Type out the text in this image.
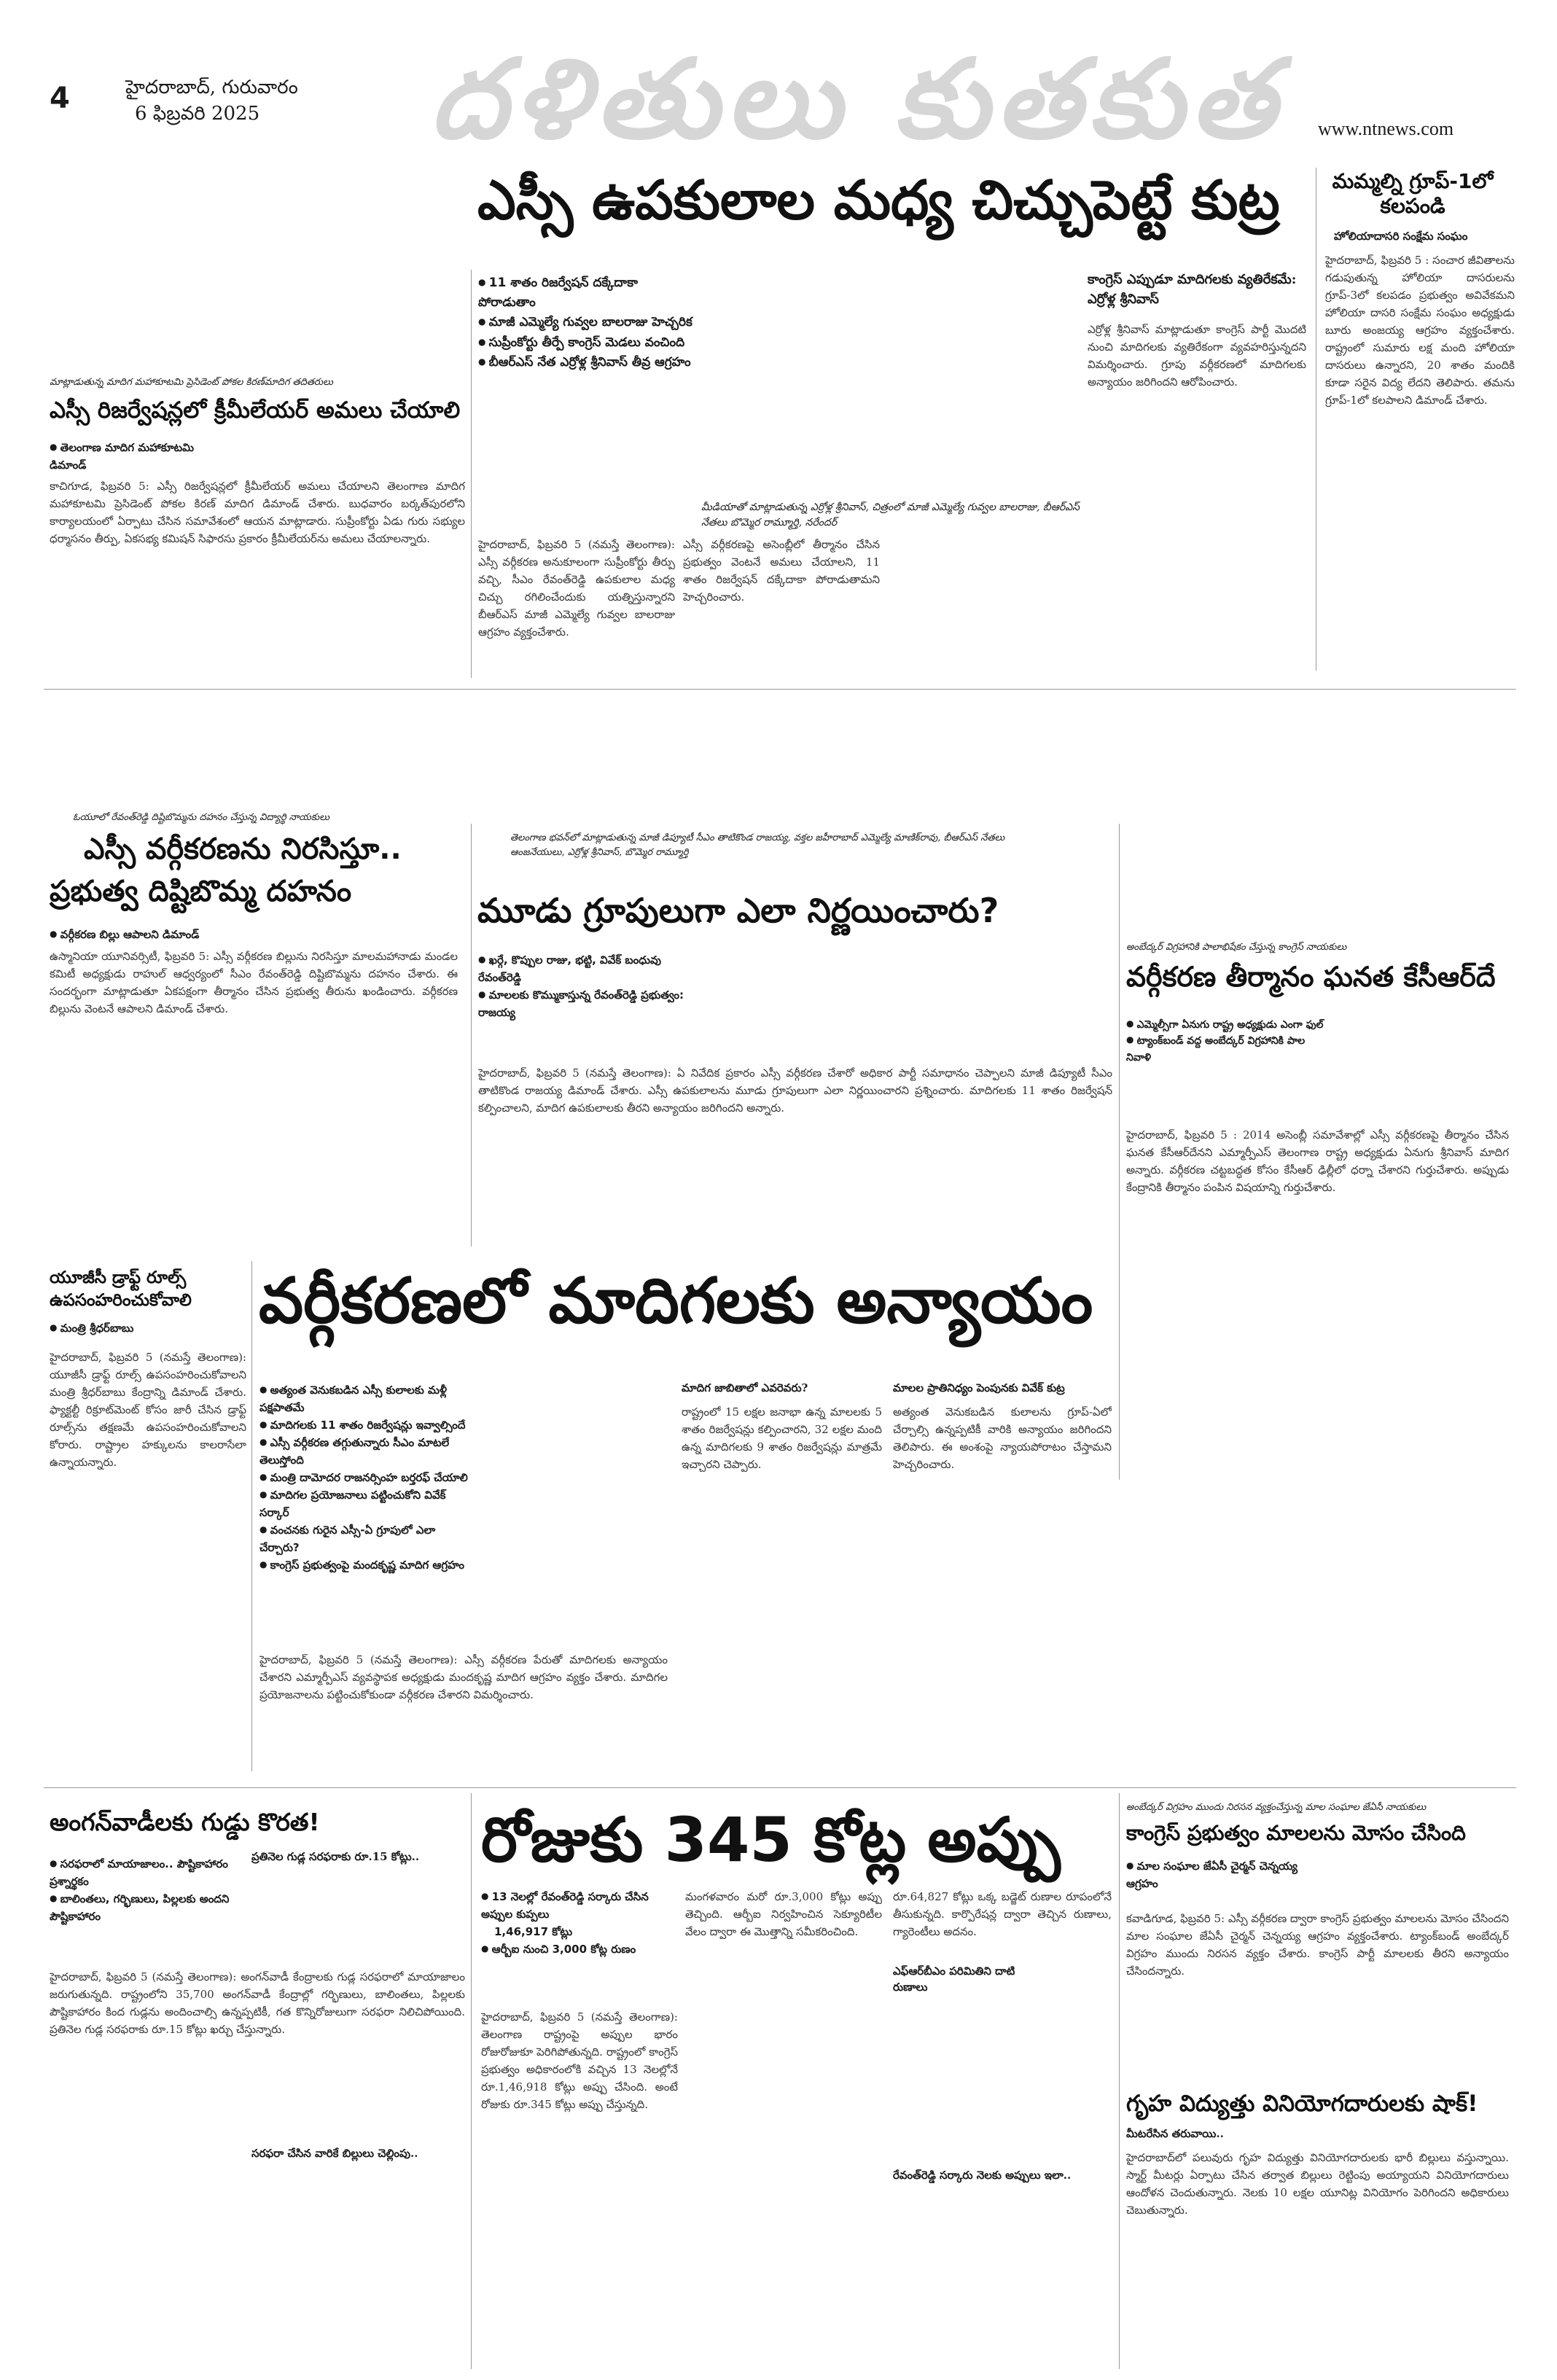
4	హైదరాబాద్, గురువారం
6 ఫిబ్రవరి 2025 దళితులు కుతకుత www.ntnews.com
మమ్మల్ని గ్రూప్-1లో కలపండి
హోలియాదాసరి సంక్షేమ సంఘం
హైదరాబాద్, ఫిబ్రవరి 5 : సంచార జీవితాలను గడుపుతున్న హోలియా దాసరులను గ్రూప్-3లో కలపడం ప్రభుత్వం అవివేకమని హోలియా దాసరి సంక్షేమ సంఘం అధ్యక్షుడు బూరు అంజయ్య ఆగ్రహం వ్యక్తంచేశారు. రాష్ట్రంలో సుమారు లక్ష మంది హోలియా దాసరులు ఉన్నారని, 20 శాతం మందికి కూడా సరైన విద్య లేదని తెలిపారు. తమను గ్రూప్-1లో కలపాలని డిమాండ్ చేశారు.
ఎస్సీ ఉపకులాల మధ్య చిచ్చుపెట్టే కుట్ర
● 11 శాతం రిజర్వేషన్ దక్కేదాకా పోరాడుతాం
● మాజీ ఎమ్మెల్యే గువ్వల బాలరాజు హెచ్చరిక
● సుప్రీంకోర్టు తీర్పే కాంగ్రెస్ మెడలు వంచింది
● బీఆర్ఎస్ నేత ఎర్రోళ్ల శ్రీనివాస్ తీవ్ర ఆగ్రహం
మీడియాతో మాట్లాడుతున్న ఎర్రోళ్ల శ్రీనివాస్, చిత్రంలో మాజీ ఎమ్మెల్యే గువ్వల బాలరాజు, బీఆర్ఎస్ నేతలు బొమ్మెర రామ్మూర్తి, నరేందర్
కాంగ్రెస్ ఎప్పుడూ మాదిగలకు వ్యతిరేకమే: ఎర్రోళ్ల శ్రీనివాస్
హైదరాబాద్, ఫిబ్రవరి 5 (నమస్తే తెలంగాణ): ఎస్సీ వర్గీకరణ అనుకూలంగా సుప్రీంకోర్టు తీర్పు వచ్చి, సీఎం రేవంత్‌రెడ్డి ఉపకులాల మధ్య చిచ్చు రగిలించేందుకు యత్నిస్తున్నారని బీఆర్ఎస్ మాజీ ఎమ్మెల్యే గువ్వల బాలరాజు ఆగ్రహం వ్యక్తంచేశారు.
ఎస్సీ వర్గీకరణపై అసెంబ్లీలో తీర్మానం చేసిన ప్రభుత్వం వెంటనే అమలు చేయాలని, 11 శాతం రిజర్వేషన్ దక్కేదాకా పోరాడుతామని హెచ్చరించారు.
ఎర్రోళ్ల శ్రీనివాస్ మాట్లాడుతూ కాంగ్రెస్ పార్టీ మొదటి నుంచి మాదిగలకు వ్యతిరేకంగా వ్యవహరిస్తున్నదని విమర్శించారు. గ్రూపు వర్గీకరణలో మాదిగలకు అన్యాయం జరిగిందని ఆరోపించారు.
మాట్లాడుతున్న మాదిగ మహాకూటమి ప్రెసిడెంట్ పోకల కిరణ్‌మాదిగ తదితరులు
ఎస్సీ రిజర్వేషన్లలో క్రీమీలేయర్ అమలు చేయాలి
● తెలంగాణ మాదిగ మహాకూటమి డిమాండ్
కాచిగూడ, ఫిబ్రవరి 5: ఎస్సీ రిజర్వేషన్లలో క్రీమీలేయర్ అమలు చేయాలని తెలంగాణ మాదిగ మహాకూటమి ప్రెసిడెంట్ పోకల కిరణ్ మాదిగ డిమాండ్ చేశారు. బుధవారం బర్కత్‌పురలోని కార్యాలయంలో ఏర్పాటు చేసిన సమావేశంలో ఆయన మాట్లాడారు. సుప్రీంకోర్టు ఏడు గురు సభ్యుల ధర్మాసనం తీర్పు, ఏకసభ్య కమిషన్ సిఫారసు ప్రకారం క్రీమీలేయర్‌ను అమలు చేయాలన్నారు.
ఓయూలో రేవంత్‌రెడ్డి దిష్టిబొమ్మను దహనం చేస్తున్న విద్యార్థి నాయకులు
ఎస్సీ వర్గీకరణను నిరసిస్తూ..
ప్రభుత్వ దిష్టిబొమ్మ దహనం
● వర్గీకరణ బిల్లు ఆపాలని డిమాండ్
ఉస్మానియా యూనివర్సిటీ, ఫిబ్రవరి 5: ఎస్సీ వర్గీకరణ బిల్లును నిరసిస్తూ మాలమహానాడు మండల కమిటీ అధ్యక్షుడు రాహుల్ ఆధ్వర్యంలో సీఎం రేవంత్‌రెడ్డి దిష్టిబొమ్మను దహనం చేశారు. ఈ సందర్భంగా మాట్లాడుతూ ఏకపక్షంగా తీర్మానం చేసిన ప్రభుత్వ తీరును ఖండించారు. వర్గీకరణ బిల్లును వెంటనే ఆపాలని డిమాండ్ చేశారు.
తెలంగాణ భవన్‌లో మాట్లాడుతున్న మాజీ డిప్యూటీ సీఎం తాటికొండ రాజయ్య, వక్తల జహీరాబాద్ ఎమ్మెల్యే మాణిక్‌రావు, బీఆర్ఎస్ నేతలు ఆంజనేయులు, ఎర్రోళ్ల శ్రీనివాస్, బొమ్మెర రామ్మూర్తి
మూడు గ్రూపులుగా ఎలా నిర్ణయించారు?
● ఖర్గే, కొప్పుల రాజు, భట్టి, వివేక్ బంధువు రేవంత్‌రెడ్డి
● మాలలకు కొమ్ముకాస్తున్న రేవంత్‌రెడ్డి ప్రభుత్వం: రాజయ్య
హైదరాబాద్, ఫిబ్రవరి 5 (నమస్తే తెలంగాణ): ఏ నివేదిక ప్రకారం ఎస్సీ వర్గీకరణ చేశారో అధికార పార్టీ సమాధానం చెప్పాలని మాజీ డిప్యూటీ సీఎం తాటికొండ రాజయ్య డిమాండ్ చేశారు. ఎస్సీ ఉపకులాలను మూడు గ్రూపులుగా ఎలా నిర్ణయించారని ప్రశ్నించారు. మాదిగలకు 11 శాతం రిజర్వేషన్ కల్పించాలని, మాదిగ ఉపకులాలకు తీరని అన్యాయం జరిగిందని అన్నారు.
అంబేద్కర్ విగ్రహానికి పాలాభిషేకం చేస్తున్న కాంగ్రెస్ నాయకులు
వర్గీకరణ తీర్మానం ఘనత కేసీఆర్‌దే
● ఎమ్మెల్సీగా ఏనుగు రాష్ట్ర అధ్యక్షుడు ఎంగా ఫుల్
● ట్యాంక్‌బండ్ వద్ద అంబేద్కర్ విగ్రహానికి పాల నివాళి
హైదరాబాద్, ఫిబ్రవరి 5 : 2014 అసెంబ్లీ సమావేశాల్లో ఎస్సీ వర్గీకరణపై తీర్మానం చేసిన ఘనత కేసీఆర్‌దేనని ఎమ్మార్పీఎస్ తెలంగాణ రాష్ట్ర అధ్యక్షుడు ఏనుగు శ్రీనివాస్ మాదిగ అన్నారు. వర్గీకరణ చట్టబద్ధత కోసం కేసీఆర్ ఢిల్లీలో ధర్నా చేశారని గుర్తుచేశారు. అప్పుడు కేంద్రానికి తీర్మానం పంపిన విషయాన్ని గుర్తుచేశారు.
యూజీసీ డ్రాఫ్ట్ రూల్స్ ఉపసంహరించుకోవాలి
● మంత్రి శ్రీధర్‌బాబు
హైదరాబాద్, ఫిబ్రవరి 5 (నమస్తే తెలంగాణ): యూజీసీ డ్రాఫ్ట్ రూల్స్ ఉపసంహరించుకోవాలని మంత్రి శ్రీధర్‌బాబు కేంద్రాన్ని డిమాండ్ చేశారు. ఫ్యాక్టల్టీ రిక్రూట్‌మెంట్ కోసం జారీ చేసిన డ్రాఫ్ట్ రూల్స్‌ను తక్షణమే ఉపసంహరించుకోవాలని కోరారు. రాష్ట్రాల హక్కులను కాలరాసేలా ఉన్నాయన్నారు.
వర్గీకరణలో మాదిగలకు అన్యాయం
● అత్యంత వెనుకబడిన ఎస్సీ కులాలకు మళ్లీ పక్షపాతమే
● మాదిగలకు 11 శాతం రిజర్వేషన్లు ఇవ్వాల్సిందే
● ఎస్సీ వర్గీకరణ తగ్గుతున్నారు సీఎం మాటలే తెలుస్తోంది
● మంత్రి దామోదర రాజనర్సింహ బర్తరఫ్ చేయాలి
● మాదిగల ప్రయోజనాలు పట్టించుకోని వివేక్ సర్కార్
● వంచనకు గురైన ఎస్సీ-ఏ గ్రూపులో ఎలా చేర్చారు?
● కాంగ్రెస్ ప్రభుత్వంపై మందకృష్ణ మాదిగ ఆగ్రహం
మాదిగ జాబితాలో ఎవరెవరు?	మాలల ప్రాతినిధ్యం పెంపునకు వివేక్ కుట్ర
హైదరాబాద్, ఫిబ్రవరి 5 (నమస్తే తెలంగాణ): ఎస్సీ వర్గీకరణ పేరుతో మాదిగలకు అన్యాయం చేశారని ఎమ్మార్పీఎస్ వ్యవస్థాపక అధ్యక్షుడు మందకృష్ణ మాదిగ ఆగ్రహం వ్యక్తం చేశారు. మాదిగల ప్రయోజనాలను పట్టించుకోకుండా వర్గీకరణ చేశారని విమర్శించారు.
రాష్ట్రంలో 15 లక్షల జనాభా ఉన్న మాలలకు 5 శాతం రిజర్వేషన్లు కల్పించారని, 32 లక్షల మంది ఉన్న మాదిగలకు 9 శాతం రిజర్వేషన్లు మాత్రమే ఇచ్చారని చెప్పారు.
అత్యంత వెనుకబడిన కులాలను గ్రూప్-ఏలో చేర్చాల్సి ఉన్నప్పటికీ వారికి అన్యాయం జరిగిందని తెలిపారు. ఈ అంశంపై న్యాయపోరాటం చేస్తామని హెచ్చరించారు.
అంగన్‌వాడీలకు గుడ్డు కొరత!
● సరఫరాలో మాయాజాలం.. పౌష్టికాహారం ప్రశ్నార్థకం
● బాలింతలు, గర్భిణులు, పిల్లలకు అందని పౌష్టికాహారం
ప్రతినెల గుడ్ల సరఫరాకు రూ.15 కోట్లు..
సరఫరా చేసిన వారికే బిల్లులు చెల్లింపు..
హైదరాబాద్, ఫిబ్రవరి 5 (నమస్తే తెలంగాణ): అంగన్‌వాడీ కేంద్రాలకు గుడ్ల సరఫరాలో మాయాజాలం జరుగుతున్నది. రాష్ట్రంలోని 35,700 అంగన్‌వాడీ కేంద్రాల్లో గర్భిణులు, బాలింతలు, పిల్లలకు పౌష్టికాహారం కింద గుడ్లను అందించాల్సి ఉన్నప్పటికీ, గత కొన్నిరోజులుగా సరఫరా నిలిచిపోయింది. ప్రతినెల గుడ్ల సరఫరాకు రూ.15 కోట్లు ఖర్చు చేస్తున్నారు.
రోజుకు 345 కోట్ల అప్పు
● 13 నెలల్లో రేవంత్‌రెడ్డి సర్కారు చేసిన అప్పుల కుప్పలు
1,46,917 కోట్లు
● ఆర్బీఐ నుంచి 3,000 కోట్ల రుణం
ఎఫ్ఆర్‌బీఎం పరిమితిని దాటి రుణాలు
రేవంత్‌రెడ్డి సర్కారు నెలకు అప్పులు ఇలా..
హైదరాబాద్, ఫిబ్రవరి 5 (నమస్తే తెలంగాణ): తెలంగాణ రాష్ట్రంపై అప్పుల భారం రోజురోజుకూ పెరిగిపోతున్నది. రాష్ట్రంలో కాంగ్రెస్ ప్రభుత్వం అధికారంలోకి వచ్చిన 13 నెలల్లోనే రూ.1,46,918 కోట్లు అప్పు చేసింది. అంటే రోజుకు రూ.345 కోట్లు అప్పు చేస్తున్నది.
మంగళవారం మరో రూ.3,000 కోట్లు అప్పు తెచ్చింది. ఆర్బీఐ నిర్వహించిన సెక్యూరిటీల వేలం ద్వారా ఈ మొత్తాన్ని సమీకరించింది.
రూ.64,827 కోట్లు ఒక్క బడ్జెట్ రుణాల రూపంలోనే తీసుకున్నది. కార్పొరేషన్ల ద్వారా తెచ్చిన రుణాలు, గ్యారెంటీలు అదనం.
అంబేద్కర్ విగ్రహం ముందు నిరసన వ్యక్తంచేస్తున్న మాల సంఘాల జేఏసీ నాయకులు
కాంగ్రెస్ ప్రభుత్వం మాలలను మోసం చేసింది
● మాల సంఘాల జేఏసీ చైర్మన్ చెన్నయ్య ఆగ్రహం
కవాడిగూడ, ఫిబ్రవరి 5: ఎస్సీ వర్గీకరణ ద్వారా కాంగ్రెస్ ప్రభుత్వం మాలలను మోసం చేసిందని మాల సంఘాల జేఏసీ చైర్మన్ చెన్నయ్య ఆగ్రహం వ్యక్తంచేశారు. ట్యాంక్‌బండ్ అంబేద్కర్ విగ్రహం ముందు నిరసన వ్యక్తం చేశారు. కాంగ్రెస్ పార్టీ మాలలకు తీరని అన్యాయం చేసిందన్నారు.
గృహ విద్యుత్తు వినియోగదారులకు షాక్!
మీటరేసిన తరువాయి..
హైదరాబాద్‌లో పలువురు గృహ విద్యుత్తు వినియోగదారులకు భారీ బిల్లులు వస్తున్నాయి. స్మార్ట్ మీటర్లు ఏర్పాటు చేసిన తర్వాత బిల్లులు రెట్టింపు అయ్యాయని వినియోగదారులు ఆందోళన చెందుతున్నారు. నెలకు 10 లక్షల యూనిట్ల వినియోగం పెరిగిందని అధికారులు చెబుతున్నారు.
